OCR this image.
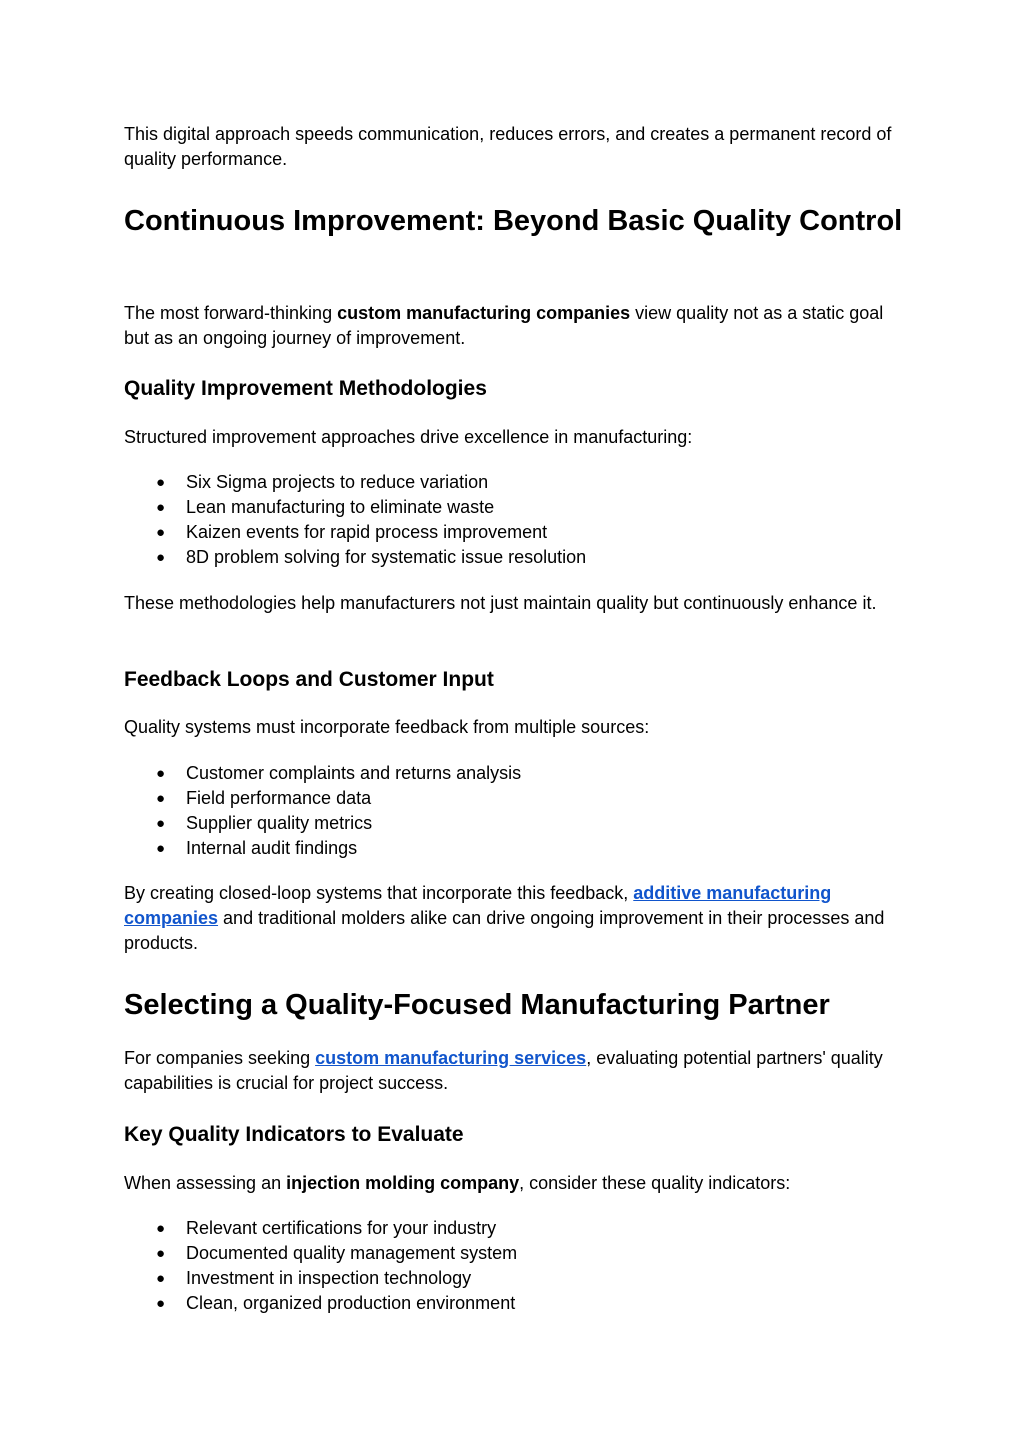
This digital approach speeds communication, reduces errors, and creates a permanent record of quality performance.

Continuous Improvement: Beyond Basic Quality Control

The most forward-thinking custom manufacturing companies view quality not as a static goal but as an ongoing journey of improvement.

Quality Improvement Methodologies

Structured improvement approaches drive excellence in manufacturing:

● Six Sigma projects to reduce variation
● Lean manufacturing to eliminate waste
● Kaizen events for rapid process improvement
● 8D problem solving for systematic issue resolution

These methodologies help manufacturers not just maintain quality but continuously enhance it.

Feedback Loops and Customer Input

Quality systems must incorporate feedback from multiple sources:

● Customer complaints and returns analysis
● Field performance data
● Supplier quality metrics
● Internal audit findings

By creating closed-loop systems that incorporate this feedback, additive manufacturing companies and traditional molders alike can drive ongoing improvement in their processes and products.

Selecting a Quality-Focused Manufacturing Partner

For companies seeking custom manufacturing services, evaluating potential partners' quality capabilities is crucial for project success.

Key Quality Indicators to Evaluate

When assessing an injection molding company, consider these quality indicators:

● Relevant certifications for your industry
● Documented quality management system
● Investment in inspection technology
● Clean, organized production environment
